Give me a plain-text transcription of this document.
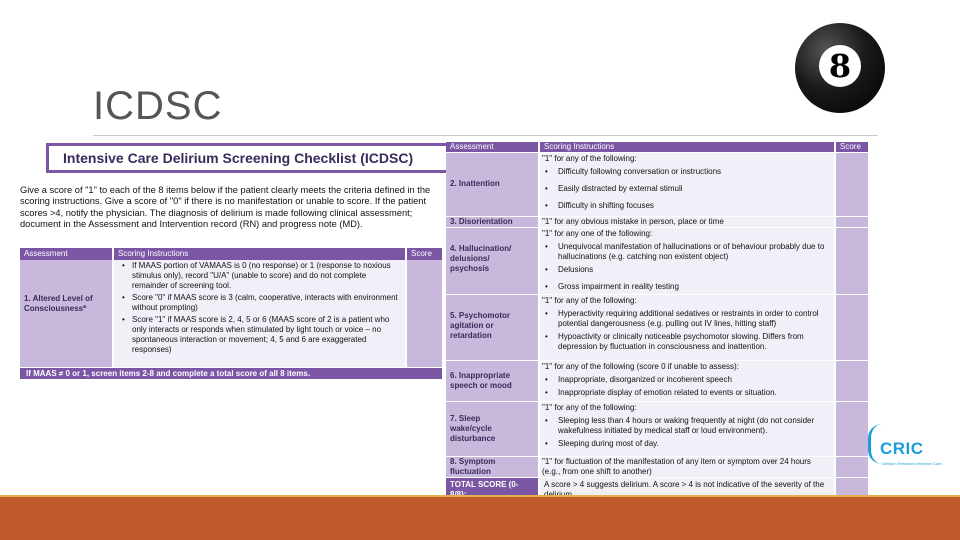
ICDSC
8
Intensive Care Delirium Screening Checklist (ICDSC)
Give a score of "1" to each of the 8 items below if the patient clearly meets the criteria defined in the scoring instructions. Give a score of "0" if there is no manifestation or unable to score. If the patient scores >4, notify the physician. The diagnosis of delirium is made following clinical assessment; document in the Assessment and Intervention record (RN) and progress note (MD).
Assessment	Scoring Instructions	Score
1. Altered Level of Consciousness*
• If MAAS portion of VAMAAS is 0 (no response) or 1 (response to noxious stimulus only), record "U/A" (unable to score) and do not complete remainder of screening tool.
• Score "0" if MAAS score is 3 (calm, cooperative, interacts with environment without prompting)
• Score "1" if MAAS score is 2, 4, 5 or 6 (MAAS score of 2 is a patient who only interacts or responds when stimulated by light touch or voice – no spontaneous interaction or movement; 4, 5 and 6 are exaggerated responses)
If MAAS ≠ 0 or 1, screen items 2-8 and complete a total score of all 8 items.
Assessment	Scoring Instructions	Score
2. Inattention
"1" for any of the following:
• Difficulty following conversation or instructions
• Easily distracted by external stimuli
• Difficulty in shifting focuses
3. Disorientation	"1" for any obvious mistake in person, place or time
4. Hallucination/ delusions/ psychosis
"1" for any one of the following:
• Unequivocal manifestation of hallucinations or of behaviour probably due to hallucinations (e.g. catching non existent object)
• Delusions
• Gross impairment in reality testing
5. Psychomotor agitation or retardation
"1" for any of the following:
• Hyperactivity requiring additional sedatives or restraints in order to control potential dangerousness (e.g. pulling out IV lines, hitting staff)
• Hypoactivity or clinically noticeable psychomotor slowing. Differs from depression by fluctuation in consciousness and inattention.
6. Inappropriate speech or mood
"1" for any of the following (score 0 if unable to assess):
• Inappropriate, disorganized or incoherent speech
• Inappropriate display of emotion related to events or situation.
7. Sleep wake/cycle disturbance
"1" for any of the following:
• Sleeping less than 4 hours or waking frequently at night (do not consider wakefulness initiated by medical staff or loud environment).
• Sleeping during most of day.
8. Symptom fluctuation
"1" for fluctuation of the manifestation of any item or symptom over 24 hours (e.g., from one shift to another)
TOTAL SCORE (0-	A score > 4 suggests delirium. A score > 4 is not indicative of the severity of the
CRIC
Delirium Research Intensive Care
